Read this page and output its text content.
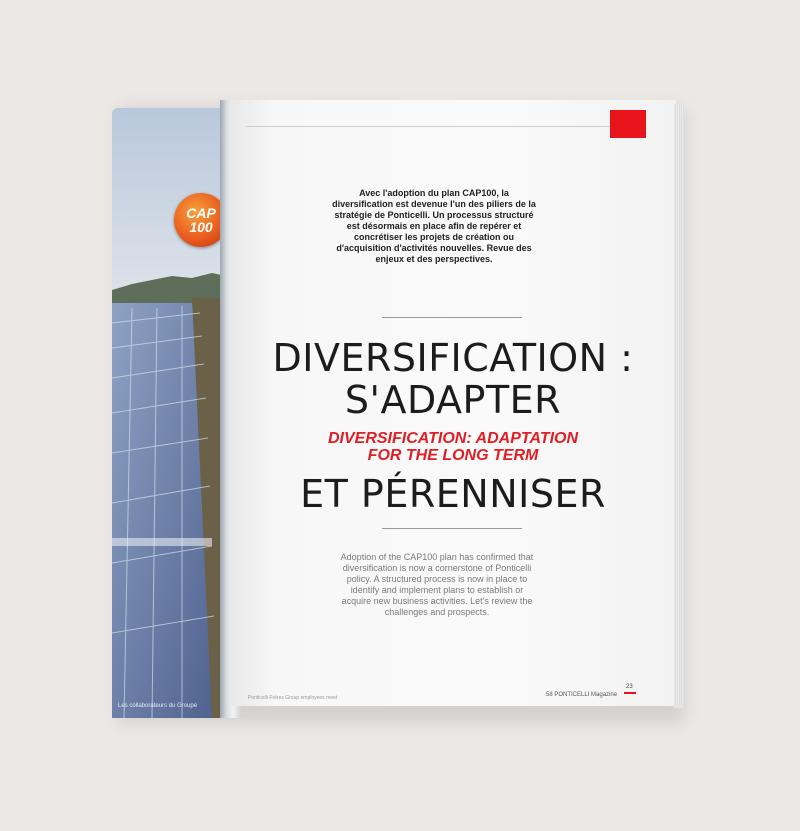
CAP
100
Les collaborateurs du Groupe
Avec l'adoption du plan CAP100, la diversification est devenue l'un des piliers de la stratégie de Ponticelli. Un processus structuré est désormais en place afin de repérer et concrétiser les projets de création ou d'acquisition d'activités nouvelles. Revue des enjeux et des perspectives.
DIVERSIFICATION :
S'ADAPTER
DIVERSIFICATION: ADAPTATION
FOR THE LONG TERM
ET PÉRENNISER
Adoption of the CAP100 plan has confirmed that diversification is now a cornerstone of Ponticelli policy. A structured process is now in place to identify and implement plans to establish or acquire new business activities. Let's review the challenges and prospects.
Ponticelli Frères Group employees meet
23
58 PONTICELLI Magazine
